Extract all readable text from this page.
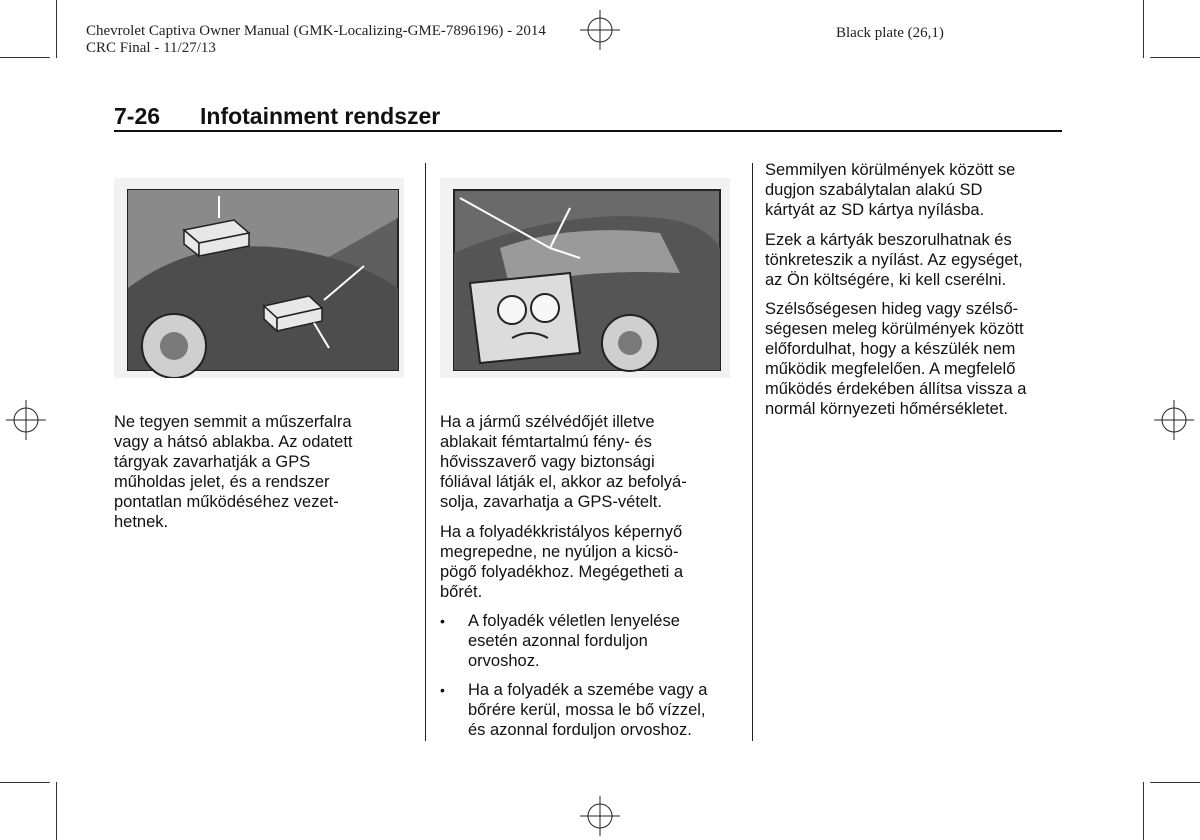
Chevrolet Captiva Owner Manual (GMK-Localizing-GME-7896196) - 2014
CRC Final - 11/27/13
Black plate (26,1)
7-26 Infotainment rendszer

Ne tegyen semmit a műszerfalra
vagy a hátsó ablakba. Az odatett
tárgyak zavarhatják a GPS
műholdas jelet, és a rendszer
pontatlan működéséhez vezet-
hetnek.

Ha a jármű szélvédőjét illetve
ablakait fémtartalmú fény- és
hővisszaverő vagy biztonsági
fóliával látják el, akkor az befolyá-
solja, zavarhatja a GPS-vételt.

Ha a folyadékkristályos képernyő
megrepedne, ne nyúljon a kicsö-
pögő folyadékhoz. Megégetheti a
bőrét.

• A folyadék véletlen lenyelése
esetén azonnal forduljon
orvoshoz.
• Ha a folyadék a szemébe vagy a
bőrére kerül, mossa le bő vízzel,
és azonnal forduljon orvoshoz.

Semmilyen körülmények között se
dugjon szabálytalan alakú SD
kártyát az SD kártya nyílásba.

Ezek a kártyák beszorulhatnak és
tönkreteszik a nyílást. Az egységet,
az Ön költségére, ki kell cserélni.

Szélsőségesen hideg vagy szélső-
ségesen meleg körülmények között
előfordulhat, hogy a készülék nem
működik megfelelően. A megfelelő
működés érdekében állítsa vissza a
normál környezeti hőmérsékletet.
